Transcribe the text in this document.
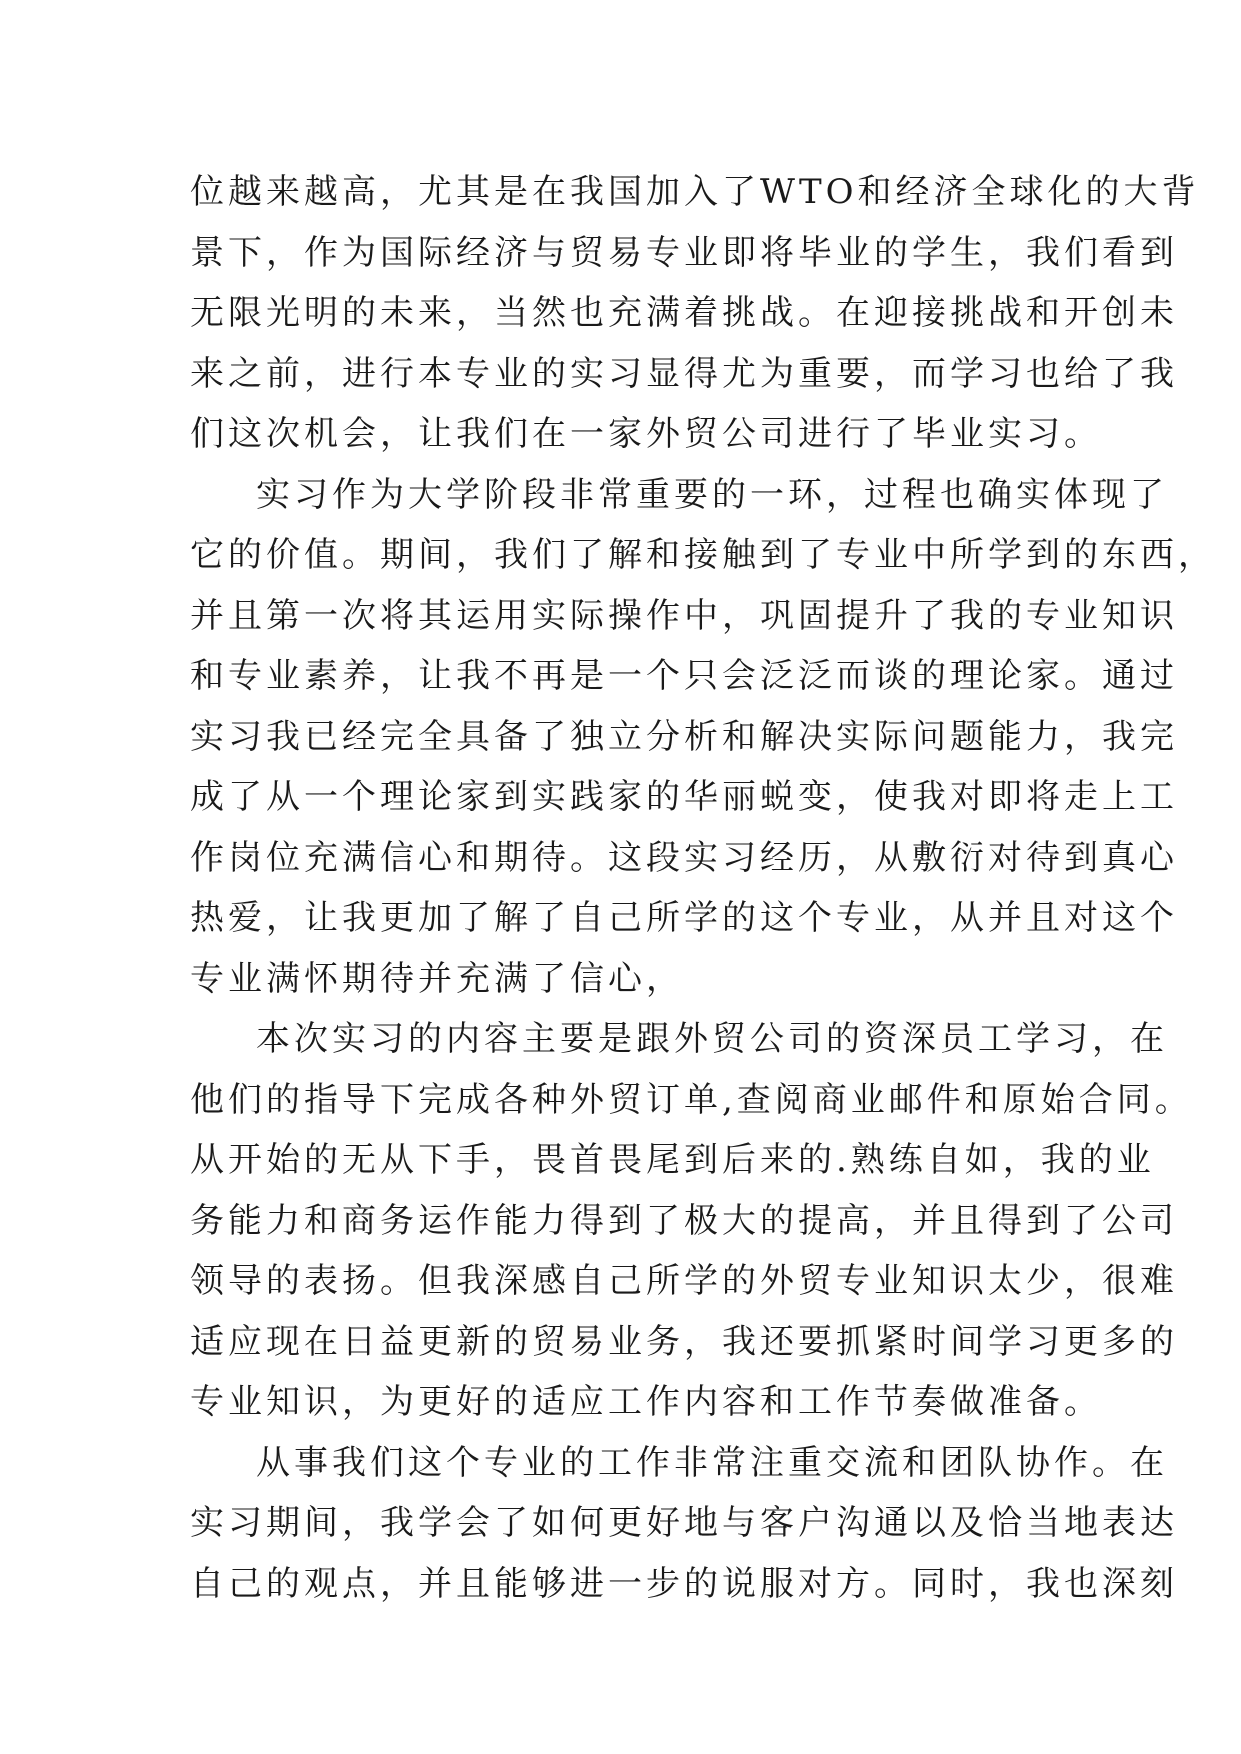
位越来越高，尤其是在我国加入了WTO和经济全球化的大背
景下，作为国际经济与贸易专业即将毕业的学生，我们看到
无限光明的未来，当然也充满着挑战。在迎接挑战和开创未
来之前，进行本专业的实习显得尤为重要，而学习也给了我
们这次机会，让我们在一家外贸公司进行了毕业实习。
实习作为大学阶段非常重要的一环，过程也确实体现了
它的价值。期间，我们了解和接触到了专业中所学到的东西，
并且第一次将其运用实际操作中，巩固提升了我的专业知识
和专业素养，让我不再是一个只会泛泛而谈的理论家。通过
实习我已经完全具备了独立分析和解决实际问题能力，我完
成了从一个理论家到实践家的华丽蜕变，使我对即将走上工
作岗位充满信心和期待。这段实习经历，从敷衍对待到真心
热爱，让我更加了解了自己所学的这个专业，从并且对这个
专业满怀期待并充满了信心，
本次实习的内容主要是跟外贸公司的资深员工学习，在
他们的指导下完成各种外贸订单,查阅商业邮件和原始合同。
从开始的无从下手，畏首畏尾到后来的.熟练自如，我的业
务能力和商务运作能力得到了极大的提高，并且得到了公司
领导的表扬。但我深感自己所学的外贸专业知识太少，很难
适应现在日益更新的贸易业务，我还要抓紧时间学习更多的
专业知识，为更好的适应工作内容和工作节奏做准备。
从事我们这个专业的工作非常注重交流和团队协作。在
实习期间，我学会了如何更好地与客户沟通以及恰当地表达
自己的观点，并且能够进一步的说服对方。同时，我也深刻
